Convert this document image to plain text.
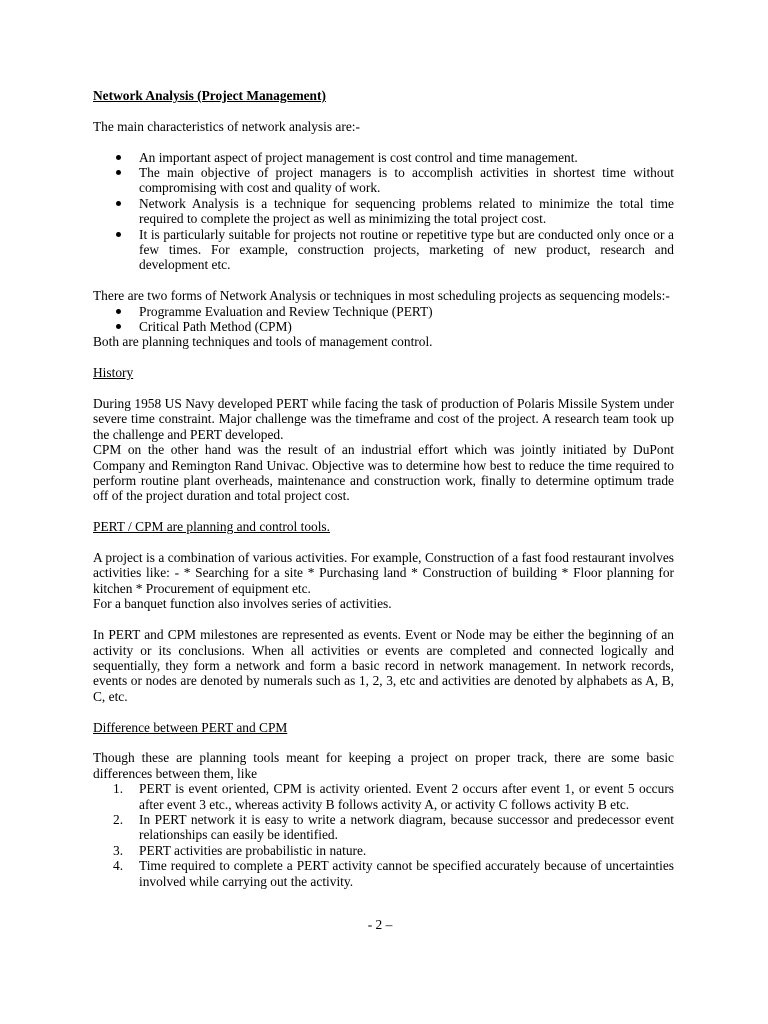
Network Analysis (Project Management)

The main characteristics of network analysis are:-

An important aspect of project management is cost control and time management.
The main objective of project managers is to accomplish activities in shortest time without compromising with cost and quality of work.
Network Analysis is a technique for sequencing problems related to minimize the total time required to complete the project as well as minimizing the total project cost.
It is particularly suitable for projects not routine or repetitive type but are conducted only once or a few times. For example, construction projects, marketing of new product, research and development etc.

There are two forms of Network Analysis or techniques in most scheduling projects as sequencing models:-

Programme Evaluation and Review Technique (PERT)
Critical Path Method (CPM)

Both are planning techniques and tools of management control.

History

During 1958 US Navy developed PERT while facing the task of production of Polaris Missile System under severe time constraint. Major challenge was the timeframe and cost of the project. A research team took up the challenge and PERT developed.

CPM on the other hand was the result of an industrial effort which was jointly initiated by DuPont Company and Remington Rand Univac. Objective was to determine how best to reduce the time required to perform routine plant overheads, maintenance and construction work, finally to determine optimum trade off of the project duration and total project cost.

PERT / CPM are planning and control tools.

A project is a combination of various activities. For example, Construction of a fast food restaurant involves activities like: - * Searching for a site * Purchasing land * Construction of building * Floor planning for kitchen * Procurement of equipment etc.

For a banquet function also involves series of activities.

In PERT and CPM milestones are represented as events. Event or Node may be either the beginning of an activity or its conclusions. When all activities or events are completed and connected logically and sequentially, they form a network and form a basic record in network management. In network records, events or nodes are denoted by numerals such as 1, 2, 3, etc and activities are denoted by alphabets as A, B, C, etc.

Difference between PERT and CPM

Though these are planning tools meant for keeping a project on proper track, there are some basic differences between them, like

1. PERT is event oriented, CPM is activity oriented. Event 2 occurs after event 1, or event 5 occurs after event 3 etc., whereas activity B follows activity A, or activity C follows activity B etc.
2. In PERT network it is easy to write a network diagram, because successor and predecessor event relationships can easily be identified.
3. PERT activities are probabilistic in nature.
4. Time required to complete a PERT activity cannot be specified accurately because of uncertainties involved while carrying out the activity.
- 2 –
